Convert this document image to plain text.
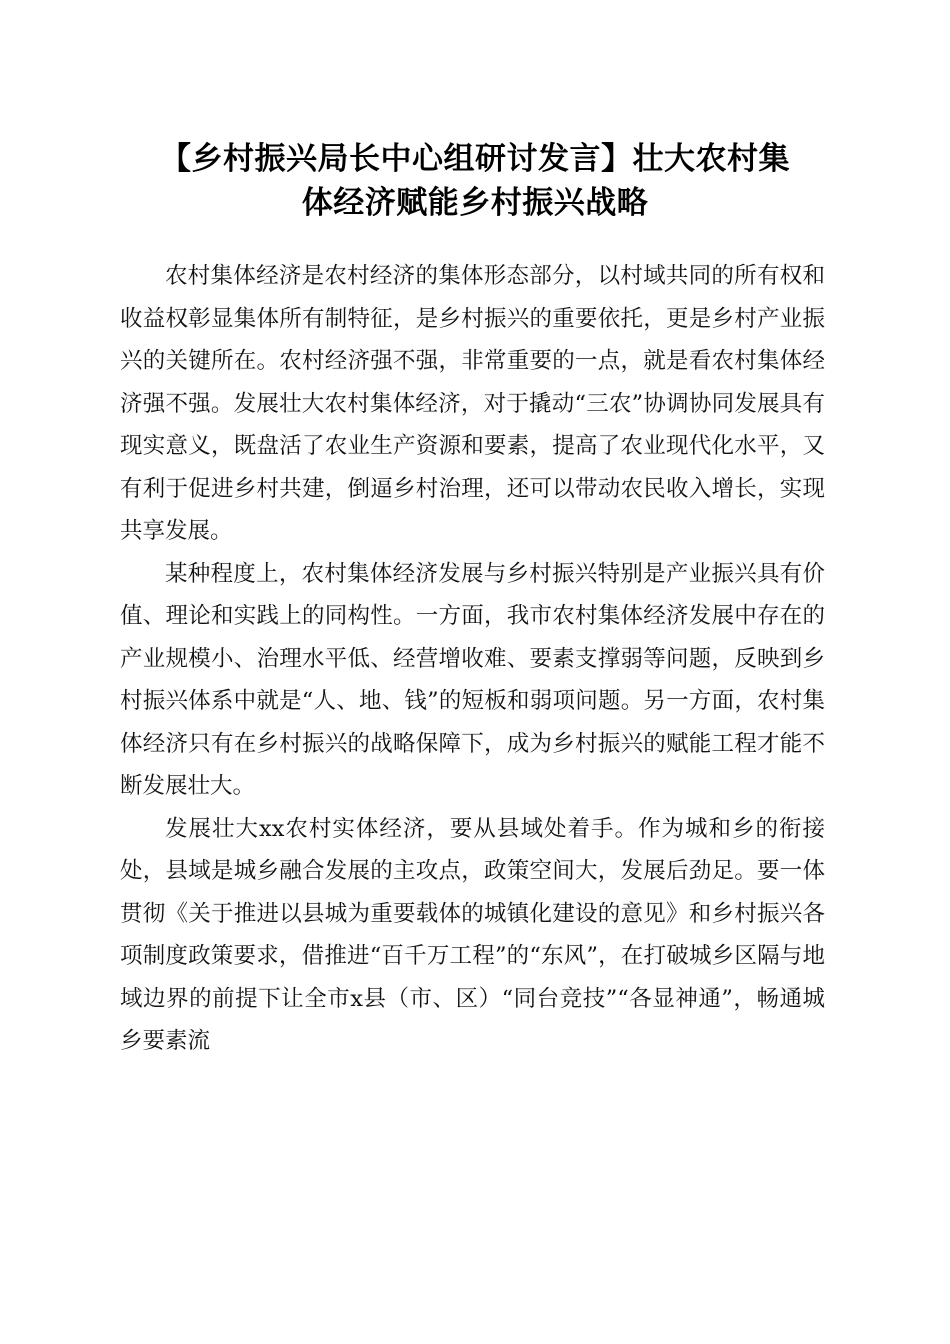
【乡村振兴局长中心组研讨发言】壮大农村集
体经济赋能乡村振兴战略

农村集体经济是农村经济的集体形态部分，以村域共同的所有权和收益权彰显集体所有制特征，是乡村振兴的重要依托，更是乡村产业振兴的关键所在。农村经济强不强，非常重要的一点，就是看农村集体经济强不强。发展壮大农村集体经济，对于撬动“三农”协调协同发展具有现实意义，既盘活了农业生产资源和要素，提高了农业现代化水平，又有利于促进乡村共建，倒逼乡村治理，还可以带动农民收入增长，实现共享发展。

某种程度上，农村集体经济发展与乡村振兴特别是产业振兴具有价值、理论和实践上的同构性。一方面，我市农村集体经济发展中存在的产业规模小、治理水平低、经营增收难、要素支撑弱等问题，反映到乡村振兴体系中就是“人、地、钱”的短板和弱项问题。另一方面，农村集体经济只有在乡村振兴的战略保障下，成为乡村振兴的赋能工程才能不断发展壮大。

发展壮大xx农村实体经济，要从县域处着手。作为城和乡的衔接处，县域是城乡融合发展的主攻点，政策空间大，发展后劲足。要一体贯彻《关于推进以县城为重要载体的城镇化建设的意见》和乡村振兴各项制度政策要求，借推进“百千万工程”的“东风”，在打破城乡区隔与地域边界的前提下让全市x县（市、区）“同台竞技”“各显神通”，畅通城乡要素流
